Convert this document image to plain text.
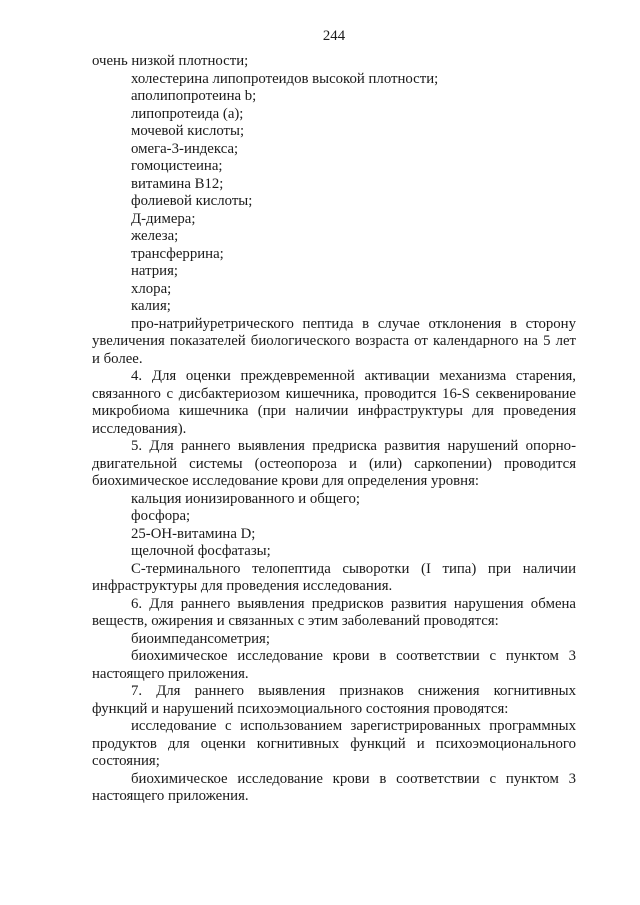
244
очень низкой плотности;
холестерина липопротеидов высокой плотности;
аполипопротеина b;
липопротеида (а);
мочевой кислоты;
омега-3-индекса;
гомоцистеина;
витамина B12;
фолиевой кислоты;
Д-димера;
железа;
трансферрина;
натрия;
хлора;
калия;
про-натрийуретрического пептида в случае отклонения в сторону
увеличения показателей биологического возраста от календарного на 5 лет
и более.
4. Для оценки преждевременной активации механизма старения,
связанного с дисбактериозом кишечника, проводится 16-S секвенирование
микробиома кишечника (при наличии инфраструктуры для проведения
исследования).
5. Для раннего выявления предриска развития нарушений опорно-
двигательной системы (остеопороза и (или) саркопении) проводится
биохимическое исследование крови для определения уровня:
кальция ионизированного и общего;
фосфора;
25-OH-витамина D;
щелочной фосфатазы;
С-терминального телопептида сыворотки (I типа) при наличии
инфраструктуры для проведения исследования.
6. Для раннего выявления предрисков развития нарушения обмена
веществ, ожирения и связанных с этим заболеваний проводятся:
биоимпедансометрия;
биохимическое исследование крови в соответствии с пунктом 3
настоящего приложения.
7. Для раннего выявления признаков снижения когнитивных
функций и нарушений психоэмоциального состояния проводятся:
исследование с использованием зарегистрированных программных
продуктов для оценки когнитивных функций и психоэмоционального
состояния;
биохимическое исследование крови в соответствии с пунктом 3
настоящего приложения.
